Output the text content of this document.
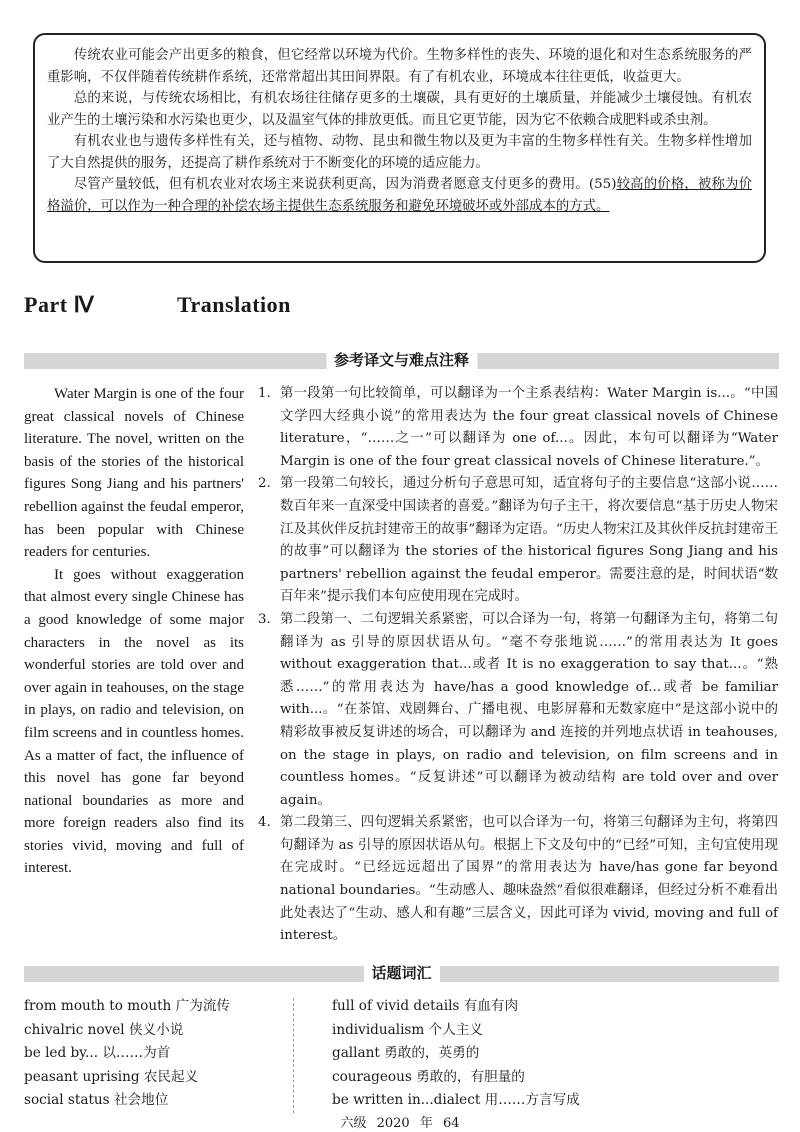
传统农业可能会产出更多的粮食，但它经常以环境为代价。生物多样性的丧失、环境的退化和对生态系统服务的严重影响，不仅伴随着传统耕作系统，还常常超出其田间界限。有了有机农业，环境成本往往更低，收益更大。

总的来说，与传统农场相比，有机农场往往储存更多的土壤碳，具有更好的土壤质量，并能减少土壤侵蚀。有机农业产生的土壤污染和水污染也更少，以及温室气体的排放更低。而且它更节能，因为它不依赖合成肥料或杀虫剂。

有机农业也与遗传多样性有关，还与植物、动物、昆虫和微生物以及更为丰富的生物多样性有关。生物多样性增加了大自然提供的服务，还提高了耕作系统对于不断变化的环境的适应能力。

尽管产量较低，但有机农业对农场主来说获利更高，因为消费者愿意支付更多的费用。(55)较高的价格，被称为价格溢价，可以作为一种合理的补偿农场主提供生态系统服务和避免环境破坏或外部成本的方式。

Part Ⅳ	Translation
参考译文与难点注释

Water Margin is one of the four great classical novels of Chinese literature. The novel, written on the basis of the stories of the historical figures Song Jiang and his partners' rebellion against the feudal emperor, has been popular with Chinese readers for centuries.

It goes without exaggeration that almost every single Chinese has a good knowledge of some major characters in the novel as its wonderful stories are told over and over again in teahouses, on the stage in plays, on radio and television, on film screens and in countless homes. As a matter of fact, the influence of this novel has gone far beyond national boundaries as more and more foreign readers also find its stories vivid, moving and full of interest.

1. 第一段第一句比较简单，可以翻译为一个主系表结构：Water Margin is...。“中国文学四大经典小说”的常用表达为 the four great classical novels of Chinese literature，“……之一”可以翻译为 one of...。因此，本句可以翻译为“Water Margin is one of the four great classical novels of Chinese literature.”。
2. 第一段第二句较长，通过分析句子意思可知，适宜将句子的主要信息“这部小说……数百年来一直深受中国读者的喜爱。”翻译为句子主干，将次要信息“基于历史人物宋江及其伙伴反抗封建帝王的故事”翻译为定语。“历史人物宋江及其伙伴反抗封建帝王的故事”可以翻译为 the stories of the historical figures Song Jiang and his partners' rebellion against the feudal emperor。需要注意的是，时间状语“数百年来”提示我们本句应使用现在完成时。
3. 第二段第一、二句逻辑关系紧密，可以合译为一句，将第一句翻译为主句，将第二句翻译为 as 引导的原因状语从句。“毫不夸张地说……”的常用表达为 It goes without exaggeration that...或者 It is no exaggeration to say that...。“熟悉……”的常用表达为 have/has a good knowledge of...或者 be familiar with...。“在茶馆、戏剧舞台、广播电视、电影屏幕和无数家庭中”是这部小说中的精彩故事被反复讲述的场合，可以翻译为 and 连接的并列地点状语 in teahouses, on the stage in plays, on radio and television, on film screens and in countless homes。“反复讲述”可以翻译为被动结构 are told over and over again。
4. 第二段第三、四句逻辑关系紧密，也可以合译为一句，将第三句翻译为主句，将第四句翻译为 as 引导的原因状语从句。根据上下文及句中的“已经”可知，主句宜使用现在完成时。“已经远远超出了国界”的常用表达为 have/has gone far beyond national boundaries。“生动感人、趣味盎然”看似很难翻译，但经过分析不难看出此处表达了“生动、感人和有趣”三层含义，因此可译为 vivid, moving and full of interest。
话题词汇
from mouth to mouth 广为流传
chivalric novel 侠义小说
be led by... 以……为首
peasant uprising 农民起义
social status 社会地位
full of vivid details 有血有肉
individualism 个人主义
gallant 勇敢的，英勇的
courageous 勇敢的，有胆量的
be written in...dialect 用……方言写成
六级 2020 年 64
